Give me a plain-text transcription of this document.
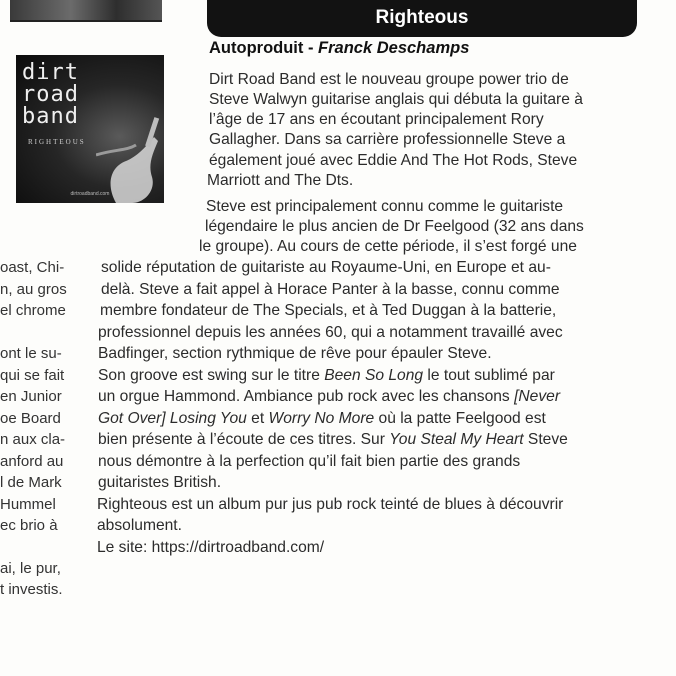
Righteous
Autoproduit - Franck Deschamps
dirt
road
band
RIGHTEOUS
dirtroadband.com
oast, Chi-
n, au gros
el chrome
ont le su-
qui se fait
en Junior
oe Board
n aux cla-
anford au
l de Mark
Hummel
ec brio à
ai, le pur,
t investis.
Dirt Road Band est le nouveau groupe power trio de
Steve Walwyn guitarise anglais qui débuta la guitare à
l’âge de 17 ans en écoutant principalement Rory
Gallagher. Dans sa carrière professionnelle Steve a
également joué avec Eddie And The Hot Rods, Steve
Marriott and The Dts.
Steve est principalement connu comme le guitariste
légendaire le plus ancien de Dr Feelgood (32 ans dans
le groupe). Au cours de cette période, il s’est forgé une
solide réputation de guitariste au Royaume-Uni, en Europe et au-
delà. Steve a fait appel à Horace Panter à la basse, connu comme
membre fondateur de The Specials, et à Ted Duggan à la batterie,
professionnel depuis les années 60, qui a notamment travaillé avec
Badfinger, section rythmique de rêve pour épauler Steve.
Son groove est swing sur le titre Been So Long le tout sublimé par
un orgue Hammond. Ambiance pub rock avec les chansons [Never
Got Over] Losing You et Worry No More où la patte Feelgood est
bien présente à l’écoute de ces titres. Sur You Steal My Heart Steve
nous démontre à la perfection qu’il fait bien partie des grands
guitaristes British.
Righteous est un album pur jus pub rock teinté de blues à découvrir
absolument.
Le site: https://dirtroadband.com/
